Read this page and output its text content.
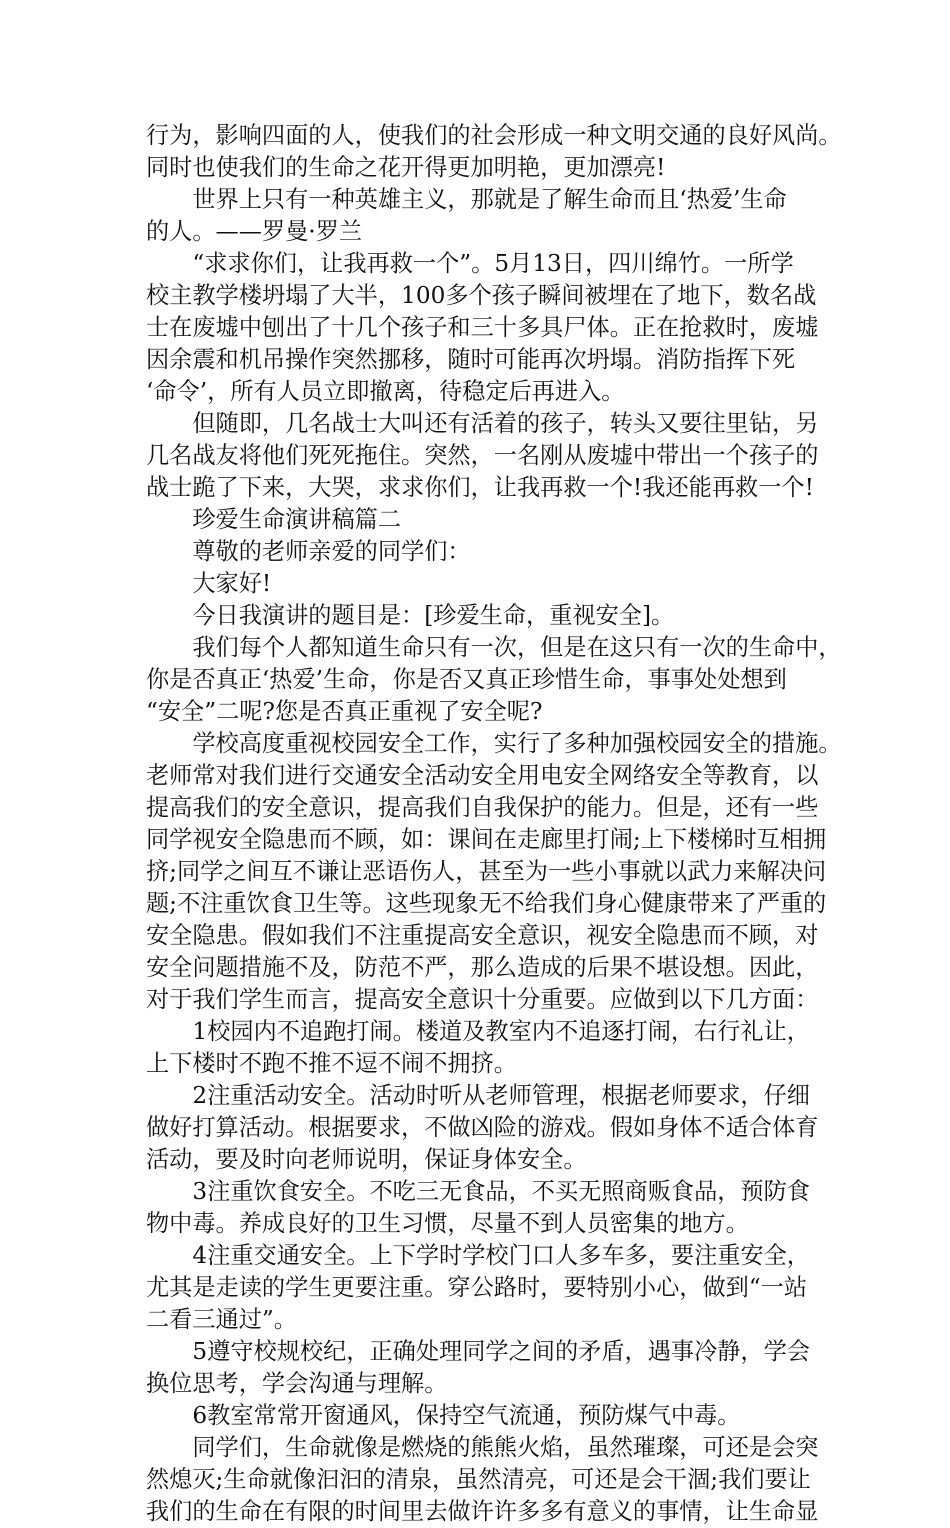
行为，影响四面的人，使我们的社会形成一种文明交通的良好风尚。
同时也使我们的生命之花开得更加明艳，更加漂亮!
　　世界上只有一种英雄主义，那就是了解生命而且‘热爱’生命
的人。——罗曼·罗兰
　　“求求你们，让我再救一个”。5月13日，四川绵竹。一所学
校主教学楼坍塌了大半，100多个孩子瞬间被埋在了地下，数名战
士在废墟中刨出了十几个孩子和三十多具尸体。正在抢救时，废墟
因余震和机吊操作突然挪移，随时可能再次坍塌。消防指挥下死
‘命令’，所有人员立即撤离，待稳定后再进入。
　　但随即，几名战士大叫还有活着的孩子，转头又要往里钻，另
几名战友将他们死死拖住。突然，一名刚从废墟中带出一个孩子的
战士跪了下来，大哭，求求你们，让我再救一个!我还能再救一个!
　　珍爱生命演讲稿篇二
　　尊敬的老师亲爱的同学们：
　　大家好!
　　今日我演讲的题目是：[珍爱生命，重视安全]。
　　我们每个人都知道生命只有一次，但是在这只有一次的生命中，
你是否真正‘热爱’生命，你是否又真正珍惜生命，事事处处想到
“安全”二呢?您是否真正重视了安全呢?
　　学校高度重视校园安全工作，实行了多种加强校园安全的措施。
老师常对我们进行交通安全活动安全用电安全网络安全等教育，以
提高我们的安全意识，提高我们自我保护的能力。但是，还有一些
同学视安全隐患而不顾，如：课间在走廊里打闹;上下楼梯时互相拥
挤;同学之间互不谦让恶语伤人，甚至为一些小事就以武力来解决问
题;不注重饮食卫生等。这些现象无不给我们身心健康带来了严重的
安全隐患。假如我们不注重提高安全意识，视安全隐患而不顾，对
安全问题措施不及，防范不严，那么造成的后果不堪设想。因此，
对于我们学生而言，提高安全意识十分重要。应做到以下几方面：
　　1校园内不追跑打闹。楼道及教室内不追逐打闹，右行礼让，
上下楼时不跑不推不逗不闹不拥挤。
　　2注重活动安全。活动时听从老师管理，根据老师要求，仔细
做好打算活动。根据要求，不做凶险的游戏。假如身体不适合体育
活动，要及时向老师说明，保证身体安全。
　　3注重饮食安全。不吃三无食品，不买无照商贩食品，预防食
物中毒。养成良好的卫生习惯，尽量不到人员密集的地方。
　　4注重交通安全。上下学时学校门口人多车多，要注重安全，
尤其是走读的学生更要注重。穿公路时，要特别小心，做到“一站
二看三通过”。
　　5遵守校规校纪，正确处理同学之间的矛盾，遇事冷静，学会
换位思考，学会沟通与理解。
　　6教室常常开窗通风，保持空气流通，预防煤气中毒。
　　同学们，生命就像是燃烧的熊熊火焰，虽然璀璨，可还是会突
然熄灭;生命就像汩汩的清泉，虽然清亮，可还是会干涸;我们要让
我们的生命在有限的时间里去做许许多多有意义的事情，让生命显
